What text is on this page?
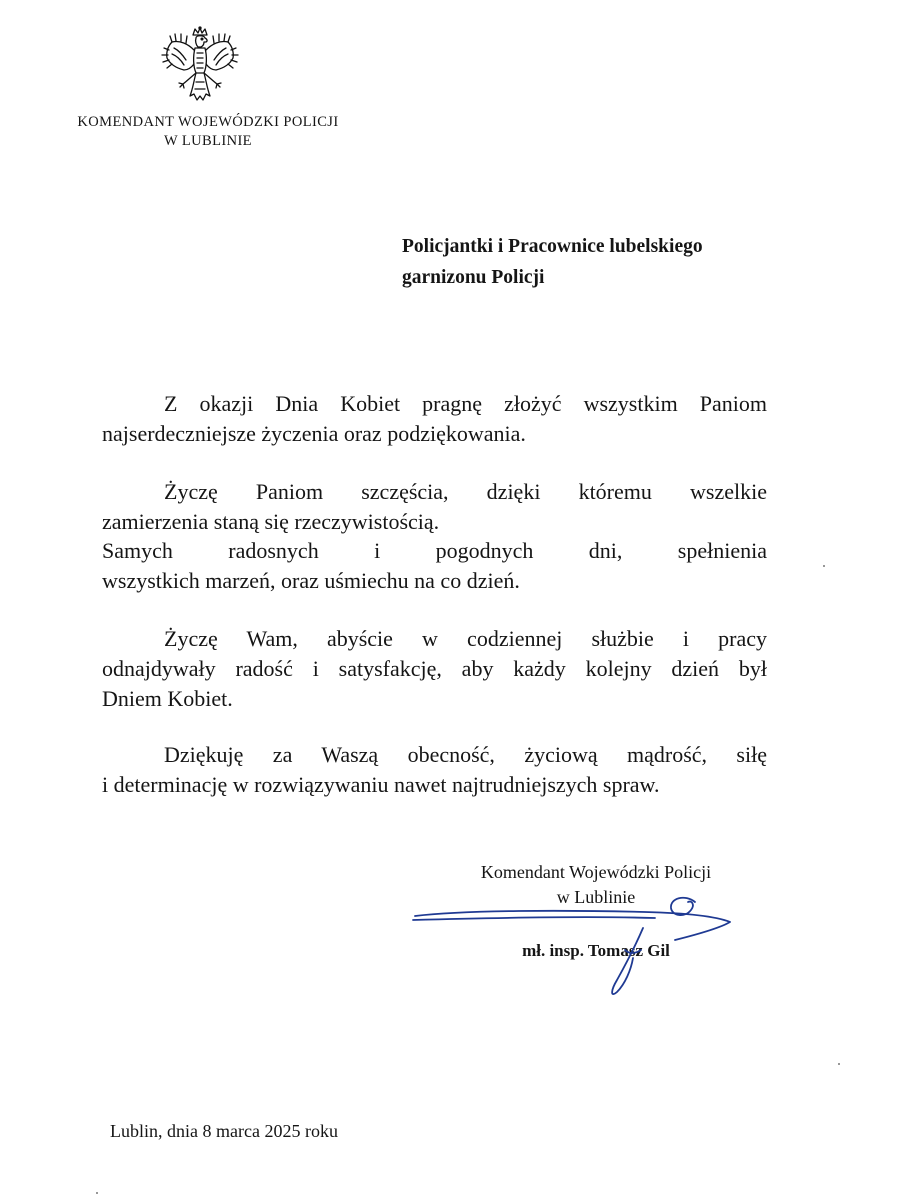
KOMENDANT WOJEWÓDZKI POLICJI
W LUBLINIE
Policjantki i Pracownice lubelskiego
garnizonu Policji
Z okazji Dnia Kobiet pragnę złożyć wszystkim Paniom
najserdeczniejsze życzenia oraz podziękowania.
Życzę Paniom szczęścia, dzięki któremu wszelkie
zamierzenia staną się rzeczywistością.
Samych radosnych i pogodnych dni, spełnienia
wszystkich marzeń, oraz uśmiechu na co dzień.
Życzę Wam, abyście w codziennej służbie i pracy
odnajdywały radość i satysfakcję, aby każdy kolejny dzień był
Dniem Kobiet.
Dziękuję za Waszą obecność, życiową mądrość, siłę
i determinację w rozwiązywaniu nawet najtrudniejszych spraw.
Komendant Wojewódzki Policji
w Lublinie
mł. insp. Tomasz Gil
Lublin, dnia 8 marca 2025 roku
